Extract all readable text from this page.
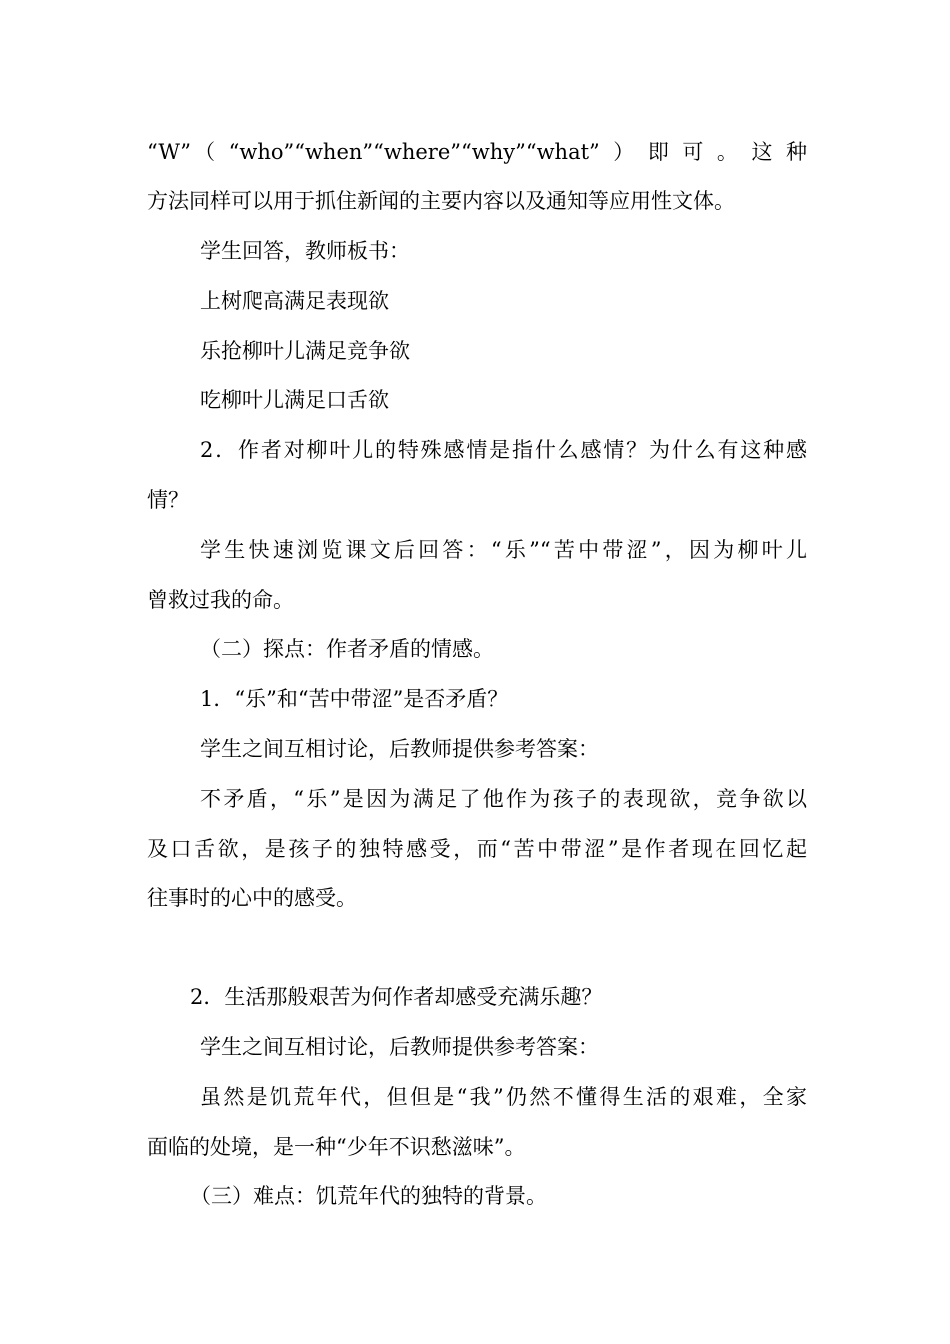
“W”（“who”“when”“where”“why”“what”）即可。这种
方法同样可以用于抓住新闻的主要内容以及通知等应用性文体。
学生回答，教师板书：
上树爬高满足表现欲
乐抢柳叶儿满足竞争欲
吃柳叶儿满足口舌欲
2．作者对柳叶儿的特殊感情是指什么感情？为什么有这种感
情？
学生快速浏览课文后回答：“乐”“苦中带涩”，因为柳叶儿
曾救过我的命。
（二）探点：作者矛盾的情感。
1．“乐”和“苦中带涩”是否矛盾？
学生之间互相讨论，后教师提供参考答案：
不矛盾，“乐”是因为满足了他作为孩子的表现欲，竞争欲以
及口舌欲，是孩子的独特感受，而“苦中带涩”是作者现在回忆起
往事时的心中的感受。
2．生活那般艰苦为何作者却感受充满乐趣？
学生之间互相讨论，后教师提供参考答案：
虽然是饥荒年代，但但是“我”仍然不懂得生活的艰难，全家
面临的处境，是一种“少年不识愁滋味”。
（三）难点：饥荒年代的独特的背景。
